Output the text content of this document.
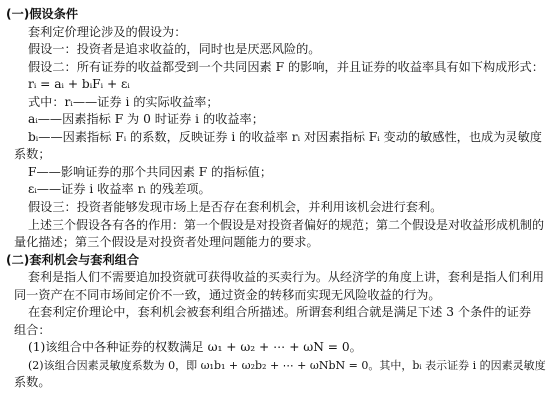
(一)假设条件
套利定价理论涉及的假设为：
假设一：投资者是追求收益的，同时也是厌恶风险的。
假设二：所有证券的收益都受到一个共同因素 F 的影响，并且证券的收益率具有如下构成形式：
rᵢ = aᵢ + bᵢFᵢ + εᵢ
式中：rᵢ——证券 i 的实际收益率；
aᵢ——因素指标 F 为 0 时证券 i 的收益率；
bᵢ——因素指标 Fᵢ 的系数，反映证券 i 的收益率 rᵢ 对因素指标 Fᵢ 变动的敏感性，也成为灵敏度
系数；
F——影响证券的那个共同因素 F 的指标值；
εᵢ——证券 i 收益率 rᵢ 的残差项。
假设三：投资者能够发现市场上是否存在套利机会，并利用该机会进行套利。
上述三个假设各有各的作用：第一个假设是对投资者偏好的规范；第二个假设是对收益形成机制的
量化描述；第三个假设是对投资者处理问题能力的要求。
(二)套利机会与套利组合
套利是指人们不需要追加投资就可获得收益的买卖行为。从经济学的角度上讲，套利是指人们利用
同一资产在不同市场间定价不一致，通过资金的转移而实现无风险收益的行为。
在套利定价理论中，套利机会被套利组合所描述。所谓套利组合就是满足下述 3 个条件的证券
组合：
(1)该组合中各种证券的权数满足 ω₁ + ω₂ + ⋯ + ωN = 0。
(2)该组合因素灵敏度系数为 0，即 ω₁b₁ + ω₂b₂ + ⋯ + ωNbN = 0。其中，bᵢ 表示证券 i 的因素灵敏度
系数。
